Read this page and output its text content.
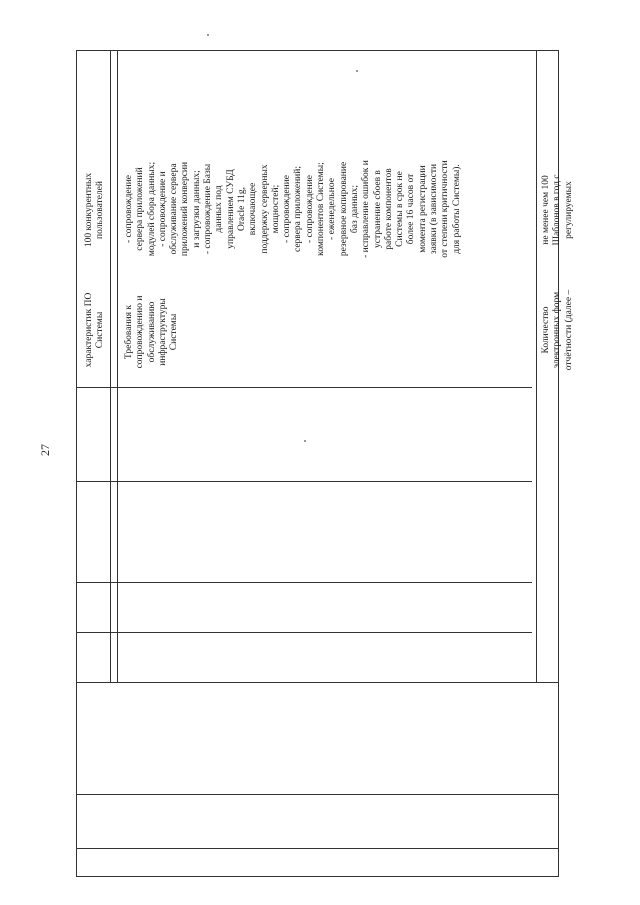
27
характеристик ПО
Системы
100 конкурентных
пользователей
Требования к
сопровождению и
обслуживанию
инфраструктуры
Системы
- сопровождение
сервера приложений
модулей сбора данных;
- сопровождение и
обслуживание сервера
приложений конверсии
и загрузки данных;
- сопровождение Базы
данных под
управлением СУБД
Oracle 11g,
включающее
поддержку серверных
мощностей;
- сопровождение
сервера приложений;
- сопровождение
компонентов Системы;
- еженедельное
резервное копирование
баз данных;
- исправление ошибок и
устранение сбоев в
работе компонентов
Системы в срок не
более 16 часов от
момента регистрации
заявки (в зависимости
от степени критичности
для работы Системы).
Количество
электронных форм
отчётности (далее –
не менее чем 100
Шаблонов в год с
регулируемых
